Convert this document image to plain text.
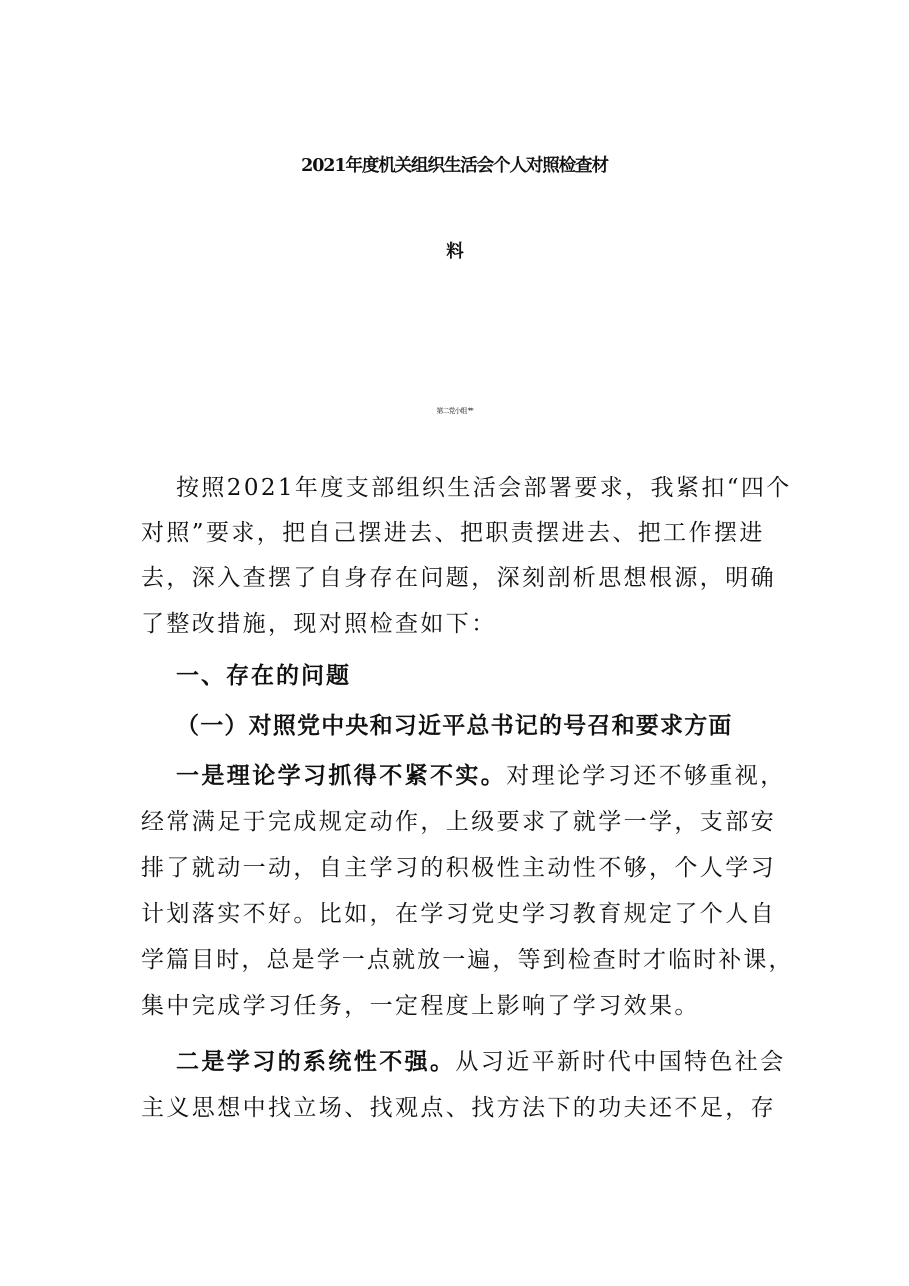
2021年度机关组织生活会个人对照检查材
料
第二党小组 **
按照2021年度支部组织生活会部署要求，我紧扣“四个
对照”要求，把自己摆进去、把职责摆进去、把工作摆进
去，深入查摆了自身存在问题，深刻剖析思想根源，明确
了整改措施，现对照检查如下：
一、存在的问题
（一）对照党中央和习近平总书记的号召和要求方面
一是理论学习抓得不紧不实。对理论学习还不够重视，
经常满足于完成规定动作，上级要求了就学一学，支部安
排了就动一动，自主学习的积极性主动性不够，个人学习
计划落实不好。比如，在学习党史学习教育规定了个人自
学篇目时，总是学一点就放一遍，等到检查时才临时补课，
集中完成学习任务，一定程度上影响了学习效果。
二是学习的系统性不强。从习近平新时代中国特色社会
主义思想中找立场、找观点、找方法下的功夫还不足，存
